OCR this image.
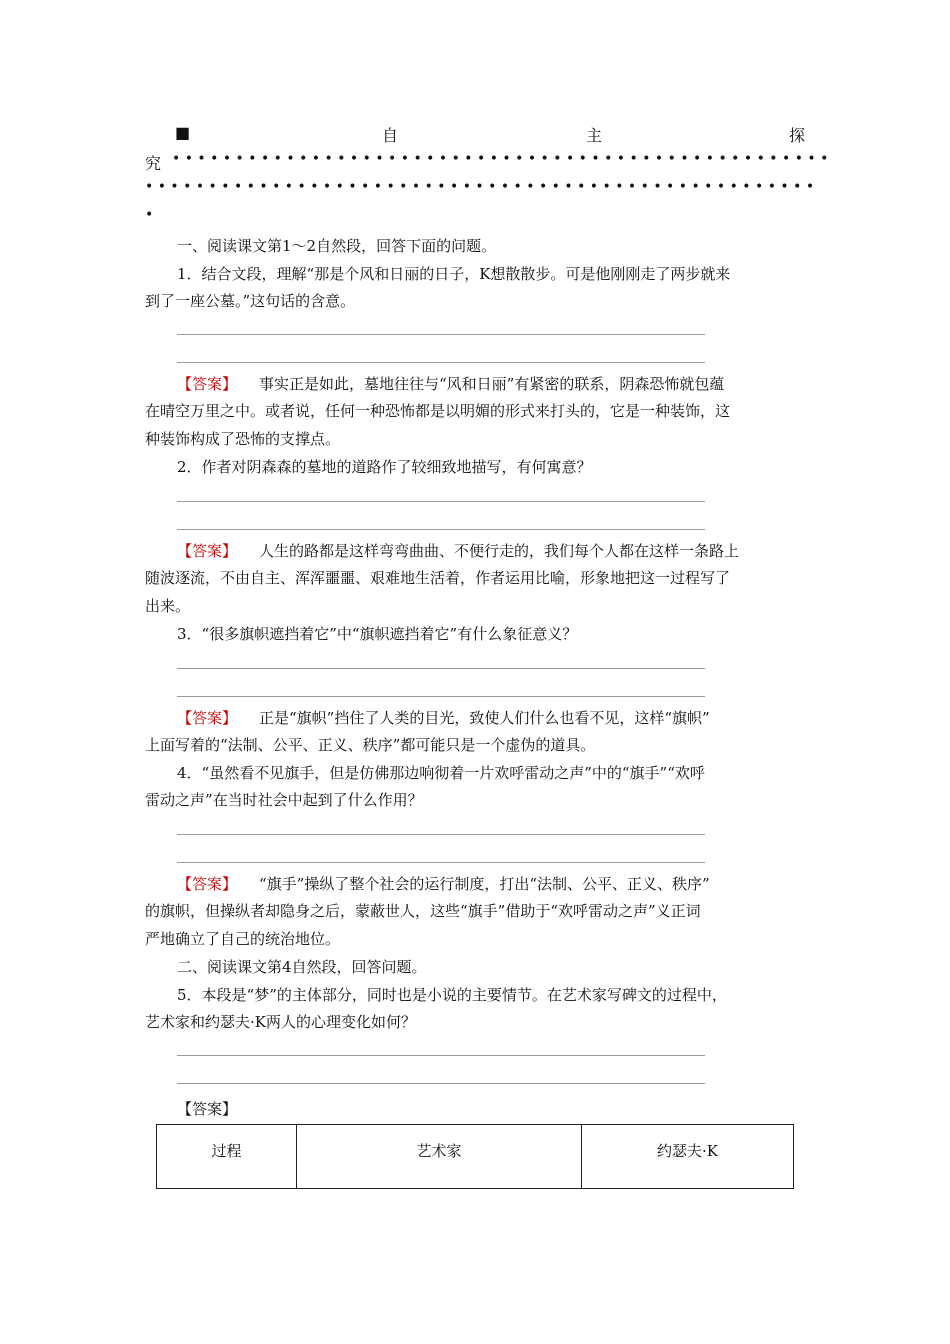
■	自	主	探
究 • • • • • • • • • • • • • • • • • • • • • • • • • • • • • • • • • • • • • • • • • • • • • • • • • • • •
• • • • • • • • • • • • • • • • • • • • • • • • • • • • • • • • • • • • • • • • • • • • • • • • • • • • •
•
一、阅读课文第1～2自然段，回答下面的问题。
1．结合文段，理解“那是个风和日丽的日子，K想散散步。可是他刚刚走了两步就来
到了一座公墓。”这句话的含意。
【答案】 事实正是如此，墓地往往与“风和日丽”有紧密的联系，阴森恐怖就包蕴
在晴空万里之中。或者说，任何一种恐怖都是以明媚的形式来打头的，它是一种装饰，这
种装饰构成了恐怖的支撑点。
2．作者对阴森森的墓地的道路作了较细致地描写，有何寓意？
【答案】 人生的路都是这样弯弯曲曲、不便行走的，我们每个人都在这样一条路上
随波逐流，不由自主、浑浑噩噩、艰难地生活着，作者运用比喻，形象地把这一过程写了
出来。
3．“很多旗帜遮挡着它”中“旗帜遮挡着它”有什么象征意义？
【答案】 正是“旗帜”挡住了人类的目光，致使人们什么也看不见，这样“旗帜”
上面写着的“法制、公平、正义、秩序”都可能只是一个虚伪的道具。
4．“虽然看不见旗手，但是仿佛那边响彻着一片欢呼雷动之声”中的“旗手”“欢呼
雷动之声”在当时社会中起到了什么作用？
【答案】 “旗手”操纵了整个社会的运行制度，打出“法制、公平、正义、秩序”
的旗帜，但操纵者却隐身之后，蒙蔽世人，这些“旗手”借助于“欢呼雷动之声”义正词
严地确立了自己的统治地位。
二、阅读课文第4自然段，回答问题。
5．本段是“梦”的主体部分，同时也是小说的主要情节。在艺术家写碑文的过程中，
艺术家和约瑟夫·K两人的心理变化如何？
【答案】
过程	艺术家	约瑟夫·K
